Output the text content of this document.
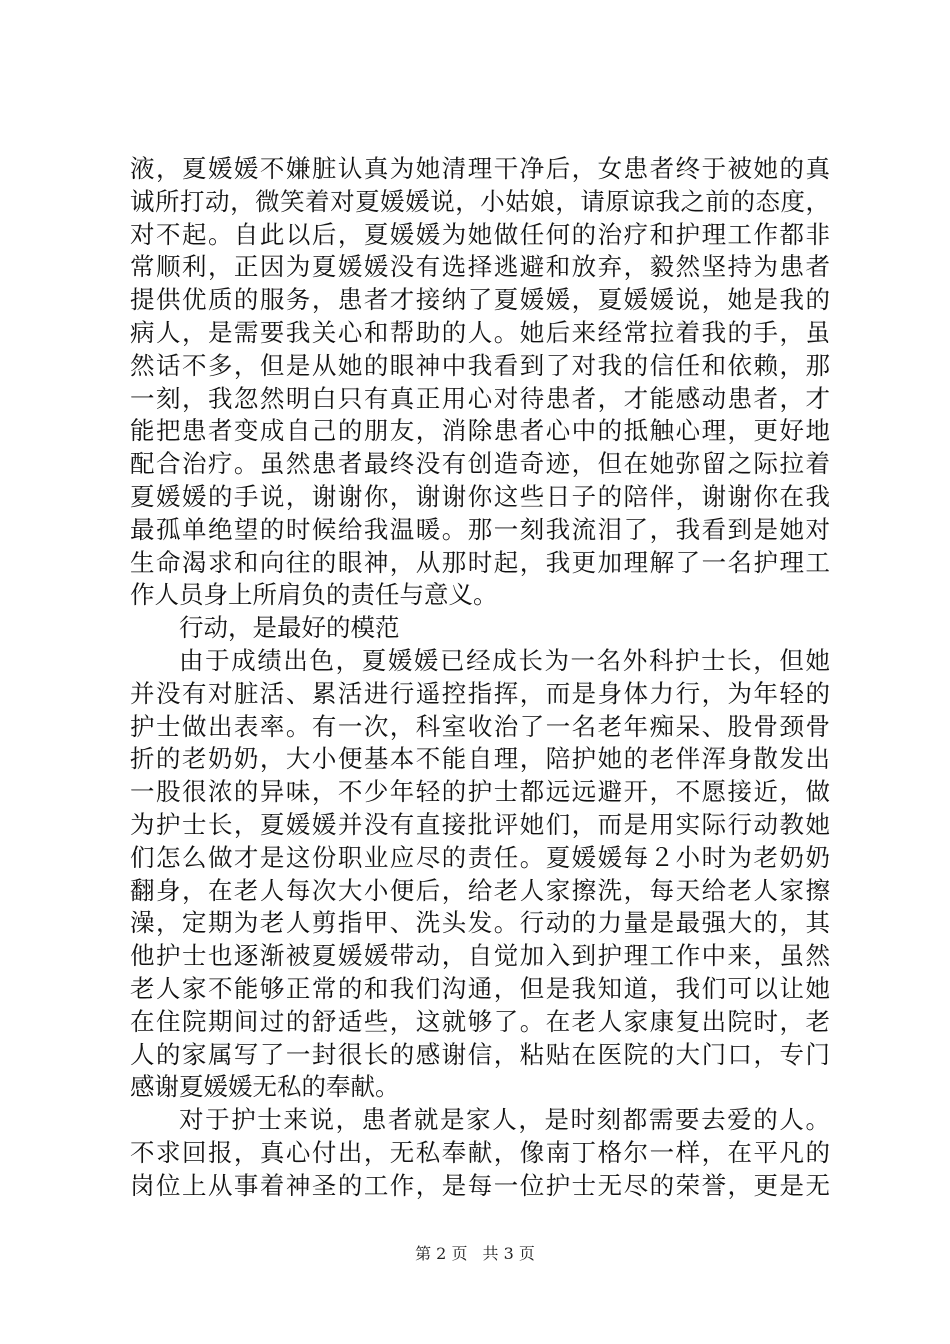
液，夏媛媛不嫌脏认真为她清理干净后，女患者终于被她的真
诚所打动，微笑着对夏媛媛说，小姑娘，请原谅我之前的态度，
对不起。自此以后，夏媛媛为她做任何的治疗和护理工作都非
常顺利，正因为夏媛媛没有选择逃避和放弃，毅然坚持为患者
提供优质的服务，患者才接纳了夏媛媛，夏媛媛说，她是我的
病人，是需要我关心和帮助的人。她后来经常拉着我的手，虽
然话不多，但是从她的眼神中我看到了对我的信任和依赖，那
一刻，我忽然明白只有真正用心对待患者，才能感动患者，才
能把患者变成自己的朋友，消除患者心中的抵触心理，更好地
配合治疗。虽然患者最终没有创造奇迹，但在她弥留之际拉着
夏媛媛的手说，谢谢你，谢谢你这些日子的陪伴，谢谢你在我
最孤单绝望的时候给我温暖。那一刻我流泪了，我看到是她对
生命渴求和向往的眼神，从那时起，我更加理解了一名护理工
作人员身上所肩负的责任与意义。
行动，是最好的模范
由于成绩出色，夏媛媛已经成长为一名外科护士长，但她
并没有对脏活、累活进行遥控指挥，而是身体力行，为年轻的
护士做出表率。有一次，科室收治了一名老年痴呆、股骨颈骨
折的老奶奶，大小便基本不能自理，陪护她的老伴浑身散发出
一股很浓的异味，不少年轻的护士都远远避开，不愿接近，做
为护士长，夏媛媛并没有直接批评她们，而是用实际行动教她
们怎么做才是这份职业应尽的责任。夏媛媛每２小时为老奶奶
翻身，在老人每次大小便后，给老人家擦洗，每天给老人家擦
澡，定期为老人剪指甲、洗头发。行动的力量是最强大的，其
他护士也逐渐被夏媛媛带动，自觉加入到护理工作中来，虽然
老人家不能够正常的和我们沟通，但是我知道，我们可以让她
在住院期间过的舒适些，这就够了。在老人家康复出院时，老
人的家属写了一封很长的感谢信，粘贴在医院的大门口，专门
感谢夏媛媛无私的奉献。
对于护士来说，患者就是家人，是时刻都需要去爱的人。
不求回报，真心付出，无私奉献，像南丁格尔一样，在平凡的
岗位上从事着神圣的工作，是每一位护士无尽的荣誉，更是无
第 2 页 共 3 页
